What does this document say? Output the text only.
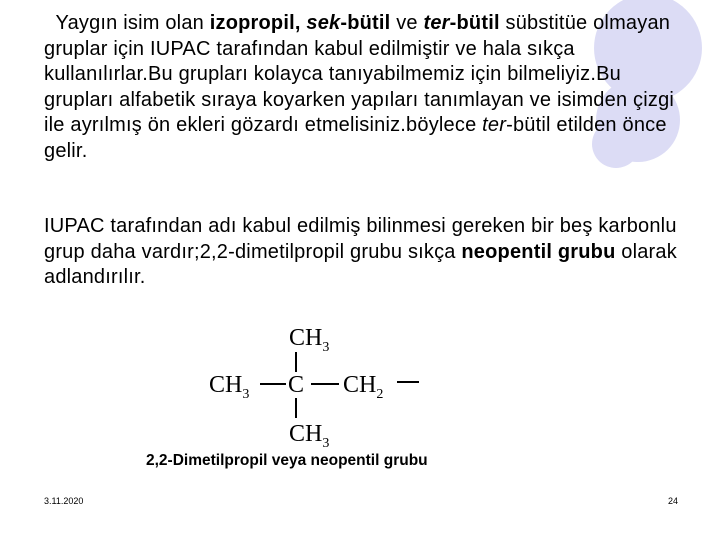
Yaygın isim olan izopropil, sek-bütil ve ter-bütil sübstitüe olmayan gruplar için IUPAC tarafından kabul edilmiştir ve hala sıkça kullanılırlar.Bu grupları kolayca tanıyabilmemiz için bilmeliyiz.Bu grupları alfabetik sıraya koyarken yapıları tanımlayan ve isimden çizgi ile ayrılmış ön ekleri gözardı etmelisiniz.böylece ter-bütil etilden önce gelir.
IUPAC tarafından adı kabul edilmiş bilinmesi gereken bir beş karbonlu grup daha vardır;2,2-dimetilpropil grubu sıkça neopentil grubu olarak adlandırılır.
$CH_3$
$CH_3$ C $CH_2$
$CH_3$
2,2-Dimetilpropil veya neopentil grubu
3.11.2020	24
